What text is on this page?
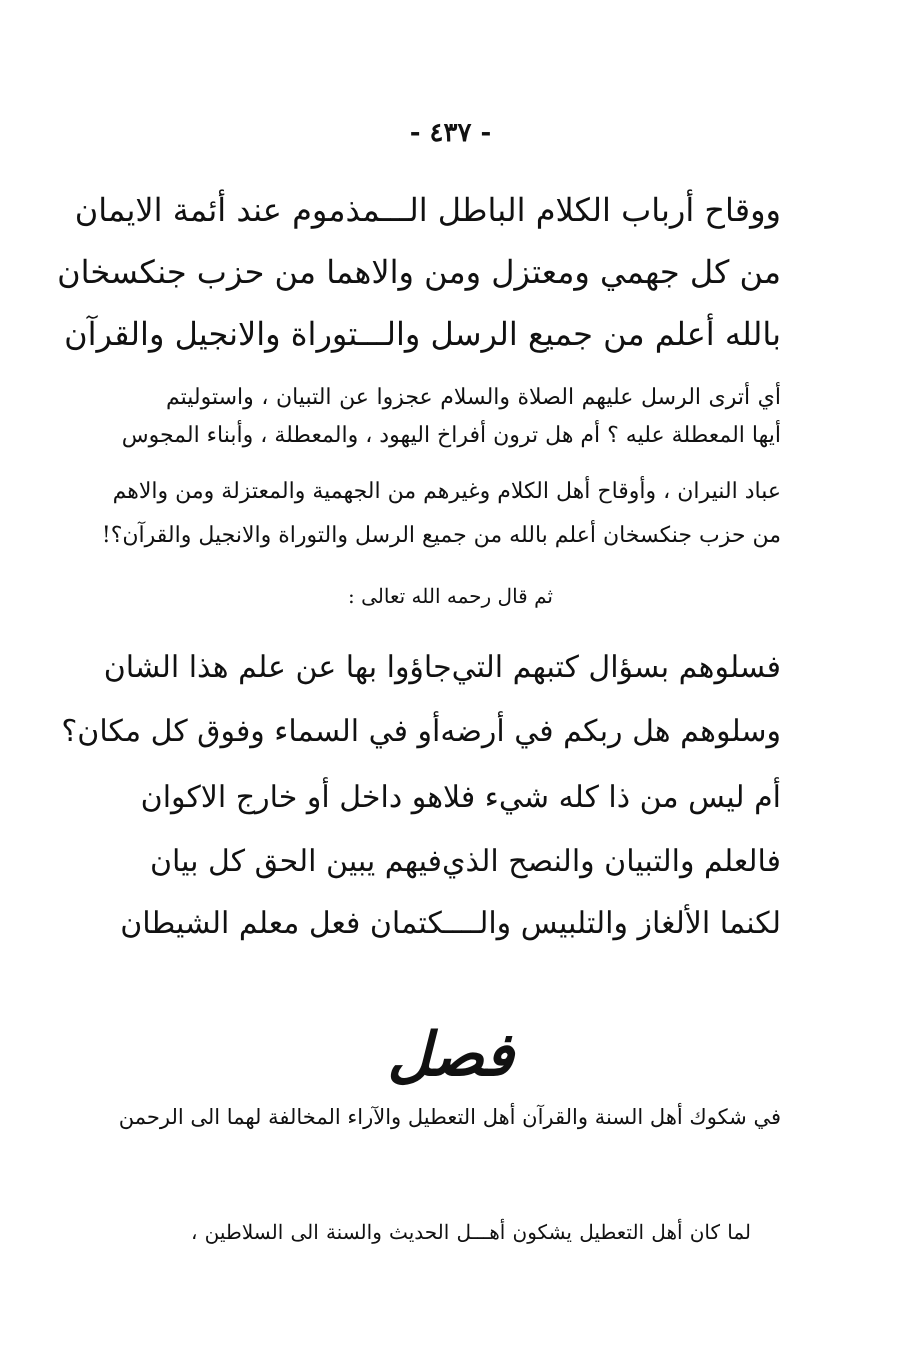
- ٤٣٧ -
ووقاح أرباب الكلام الباطل الـــمذموم عند أئمة الايمان
من كل جهمي ومعتزل ومن والاهما من حزب جنكسخان
بالله أعلم من جميع الرسل والـــتوراة والانجيل والقرآن
أي أترى الرسل عليهم الصلاة والسلام عجزوا عن التبيان ، واستوليتم
أيها المعطلة عليه ؟ أم هل ترون أفراخ اليهود ، والمعطلة ، وأبناء المجوس
عباد النيران ، وأوقاح أهل الكلام وغيرهم من الجهمية والمعتزلة ومن والاهم
من حزب جنكسخان أعلم بالله من جميع الرسل والتوراة والانجيل والقرآن؟!
ثم قال رحمه الله تعالى :
فسلوهم بسؤال كتبهم التي
جاؤوا بها عن علم هذا الشان
وسلوهم هل ربكم في أرضه
أو في السماء وفوق كل مكان؟
أم ليس من ذا كله شيء فلا
هو داخل أو خارج الاكوان
فالعلم والتبيان والنصح الذي
فيهم يبين الحق كل بيان
لكنما الألغاز والتلبيس والـــ
ـكتمان فعل معلم الشيطان
فصل
في شكوك أهل السنة والقرآن أهل التعطيل والآراء المخالفة لهما الى الرحمن
لما كان أهل التعطيل يشكون أهـــل الحديث والسنة الى السلاطين ،
